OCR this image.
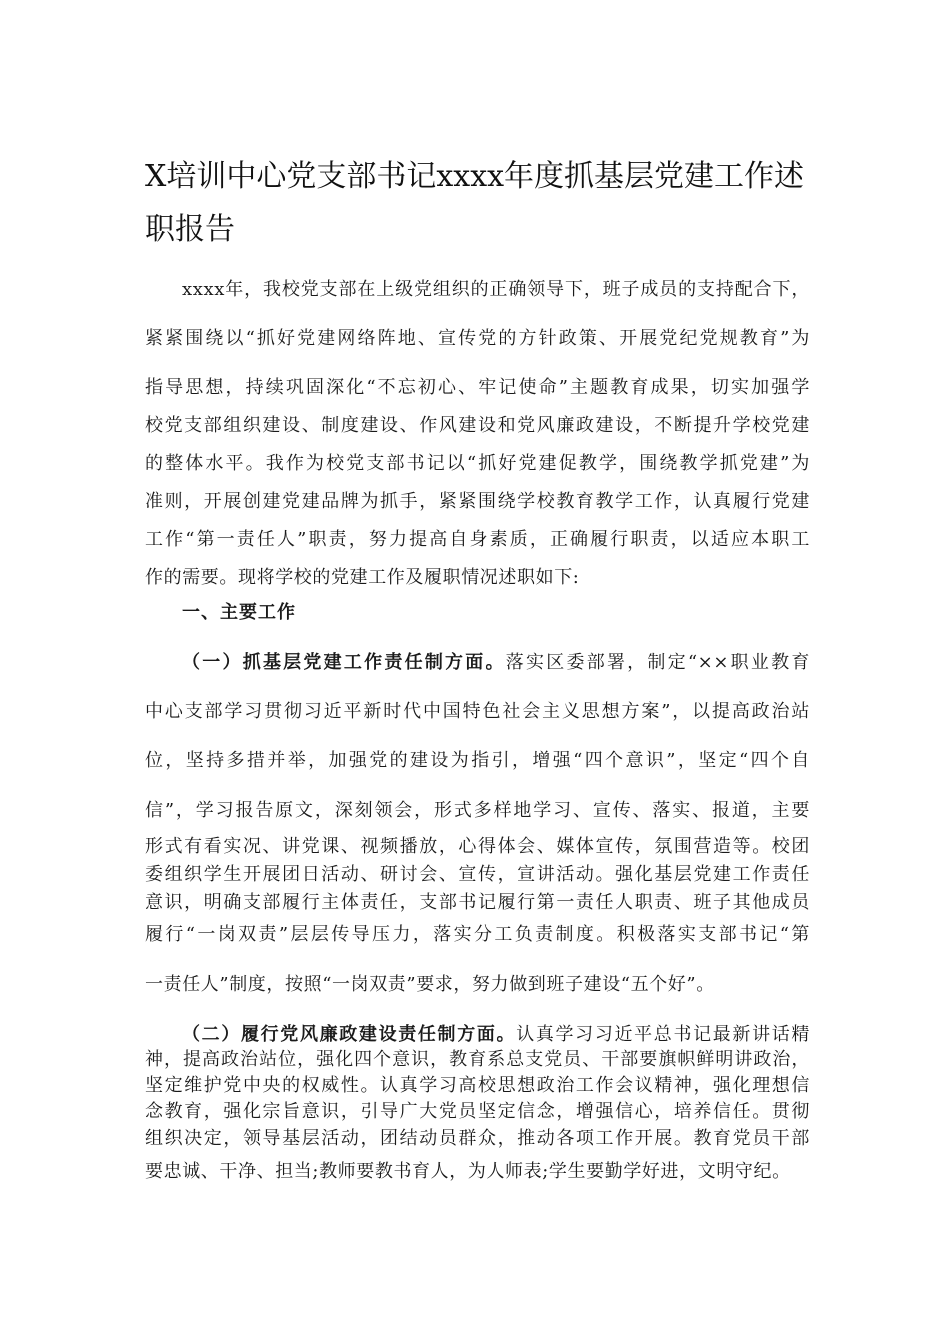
X培训中心党支部书记xxxx年度抓基层党建工作述
职报告
xxxx年，我校党支部在上级党组织的正确领导下，班子成员的支持配合下，
紧紧围绕以“抓好党建网络阵地、宣传党的方针政策、开展党纪党规教育”为
指导思想，持续巩固深化“不忘初心、牢记使命”主题教育成果，切实加强学
校党支部组织建设、制度建设、作风建设和党风廉政建设，不断提升学校党建
的整体水平。我作为校党支部书记以“抓好党建促教学，围绕教学抓党建”为
准则，开展创建党建品牌为抓手，紧紧围绕学校教育教学工作，认真履行党建
工作“第一责任人”职责，努力提高自身素质，正确履行职责，以适应本职工
作的需要。现将学校的党建工作及履职情况述职如下:
一、主要工作
（一）抓基层党建工作责任制方面。落实区委部署，制定“××职业教育
中心支部学习贯彻习近平新时代中国特色社会主义思想方案”，以提高政治站
位，坚持多措并举，加强党的建设为指引，增强“四个意识”，坚定“四个自
信”，学习报告原文，深刻领会，形式多样地学习、宣传、落实、报道，主要
形式有看实况、讲党课、视频播放，心得体会、媒体宣传，氛围营造等。校团
委组织学生开展团日活动、研讨会、宣传，宣讲活动。强化基层党建工作责任
意识，明确支部履行主体责任，支部书记履行第一责任人职责、班子其他成员
履行“一岗双责”层层传导压力，落实分工负责制度。积极落实支部书记“第
一责任人”制度，按照“一岗双责”要求，努力做到班子建设“五个好”。
（二）履行党风廉政建设责任制方面。认真学习习近平总书记最新讲话精
神，提高政治站位，强化四个意识，教育系总支党员、干部要旗帜鲜明讲政治，
坚定维护党中央的权威性。认真学习高校思想政治工作会议精神，强化理想信
念教育，强化宗旨意识，引导广大党员坚定信念，增强信心，培养信任。贯彻
组织决定，领导基层活动，团结动员群众，推动各项工作开展。教育党员干部
要忠诚、干净、担当;教师要教书育人，为人师表;学生要勤学好进，文明守纪。
